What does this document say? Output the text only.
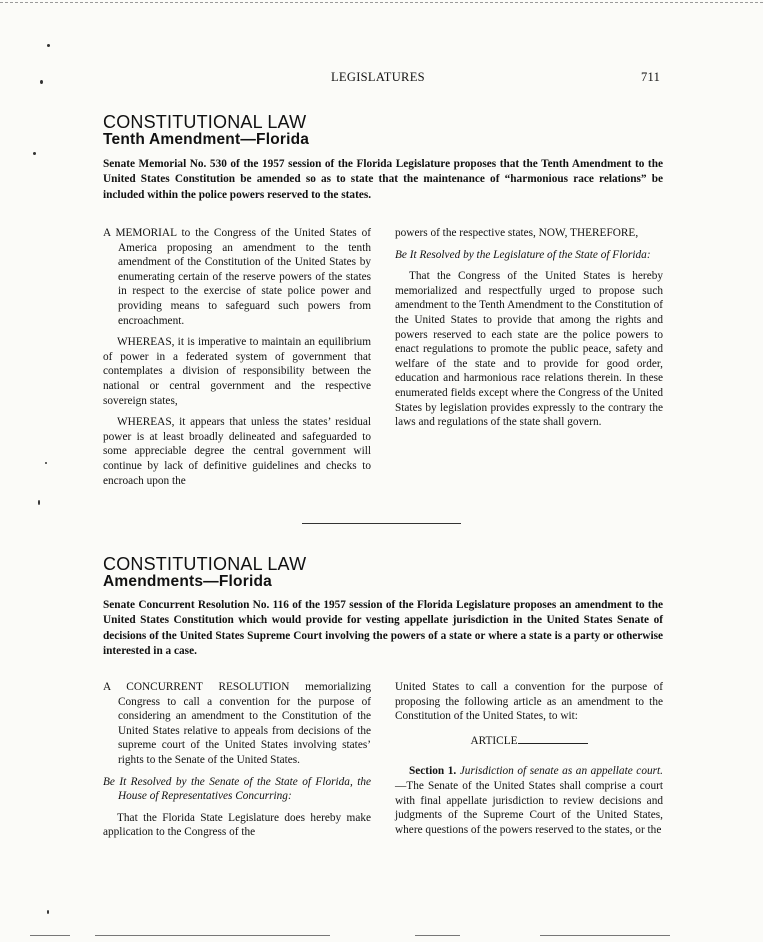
LEGISLATURES	711
CONSTITUTIONAL LAW
Tenth Amendment—Florida
Senate Memorial No. 530 of the 1957 session of the Florida Legislature proposes that the Tenth Amendment to the United States Constitution be amended so as to state that the maintenance of “harmonious race relations” be included within the police powers reserved to the states.

A MEMORIAL to the Congress of the United States of America proposing an amendment to the tenth amendment of the Constitution of the United States by enumerating certain of the reserve powers of the states in respect to the exercise of state police power and providing means to safeguard such powers from encroachment.

WHEREAS, it is imperative to maintain an equilibrium of power in a federated system of government that contemplates a division of responsibility between the national or central government and the respective sovereign states,

WHEREAS, it appears that unless the states’ residual power is at least broadly delineated and safeguarded to some appreciable degree the central government will continue by lack of definitive guidelines and checks to encroach upon the

powers of the respective states, NOW, THEREFORE,

Be It Resolved by the Legislature of the State of Florida:

That the Congress of the United States is hereby memorialized and respectfully urged to propose such amendment to the Tenth Amendment to the Constitution of the United States to provide that among the rights and powers reserved to each state are the police powers to enact regulations to promote the public peace, safety and welfare of the state and to provide for good order, education and harmonious race relations therein. In these enumerated fields except where the Congress of the United States by legislation provides expressly to the contrary the laws and regulations of the state shall govern.

CONSTITUTIONAL LAW
Amendments—Florida
Senate Concurrent Resolution No. 116 of the 1957 session of the Florida Legislature proposes an amendment to the United States Constitution which would provide for vesting appellate jurisdiction in the United States Senate of decisions of the United States Supreme Court involving the powers of a state or where a state is a party or otherwise interested in a case.

A CONCURRENT RESOLUTION memorializing Congress to call a convention for the purpose of considering an amendment to the Constitution of the United States relative to appeals from decisions of the supreme court of the United States involving states’ rights to the Senate of the United States.

Be It Resolved by the Senate of the State of Florida, the House of Representatives Concurring:

That the Florida State Legislature does hereby make application to the Congress of the

United States to call a convention for the purpose of proposing the following article as an amendment to the Constitution of the United States, to wit:

ARTICLE

Section 1. Jurisdiction of senate as an appellate court.—The Senate of the United States shall comprise a court with final appellate jurisdiction to review decisions and judgments of the Supreme Court of the United States, where questions of the powers reserved to the states, or the
